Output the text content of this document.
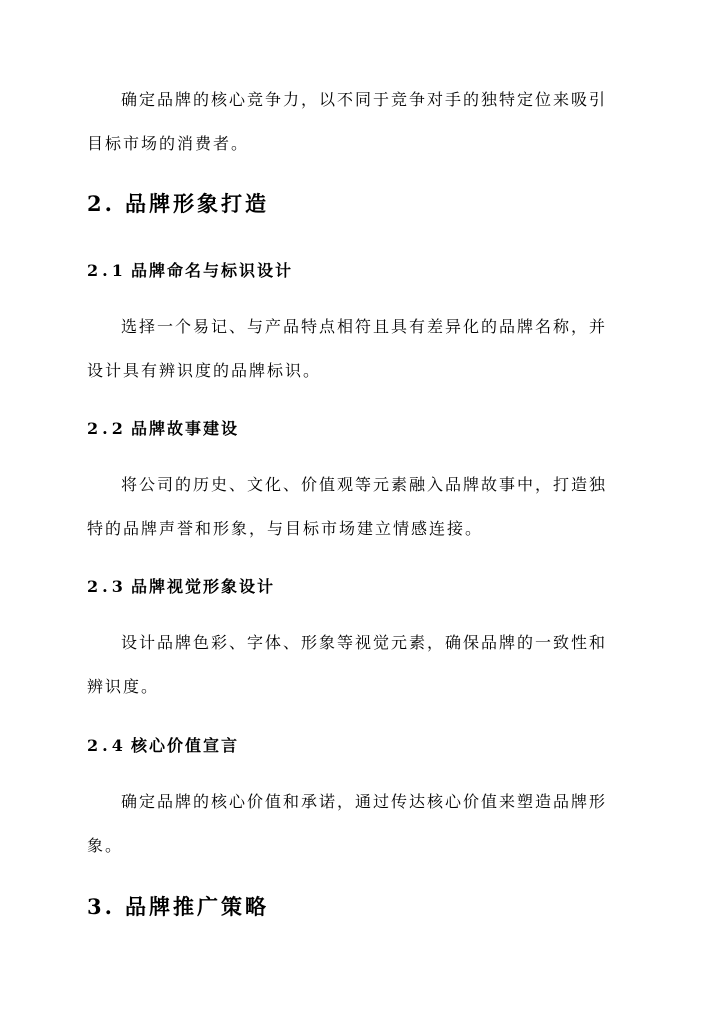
确定品牌的核心竞争力，以不同于竞争对手的独特定位来吸引
目标市场的消费者。
2. 品牌形象打造
2.1 品牌命名与标识设计
选择一个易记、与产品特点相符且具有差异化的品牌名称，并
设计具有辨识度的品牌标识。
2.2 品牌故事建设
将公司的历史、文化、价值观等元素融入品牌故事中，打造独
特的品牌声誉和形象，与目标市场建立情感连接。
2.3 品牌视觉形象设计
设计品牌色彩、字体、形象等视觉元素，确保品牌的一致性和
辨识度。
2.4 核心价值宣言
确定品牌的核心价值和承诺，通过传达核心价值来塑造品牌形
象。
3. 品牌推广策略
